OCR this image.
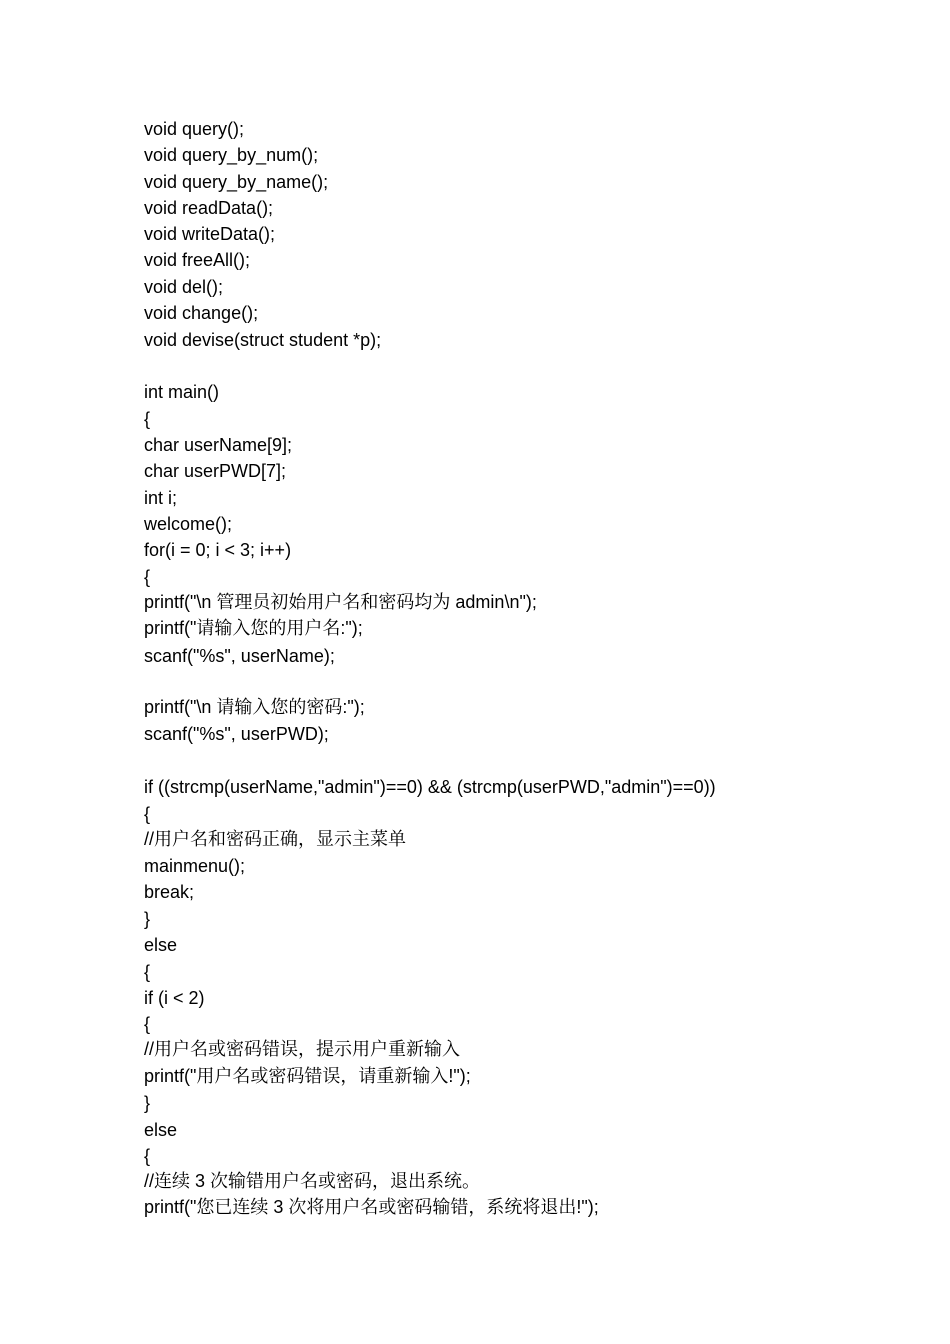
void query();
void query_by_num();
void query_by_name();
void readData();
void writeData();
void freeAll();
void del();
void change();
void devise(struct student *p);
int main()
{
char userName[9];
char userPWD[7];
int i;
welcome();
for(i = 0; i < 3; i++)
{
printf("\n 管理员初始用户名和密码均为 admin\n");
printf("请输入您的用户名:");
scanf("%s", userName);
printf("\n 请输入您的密码:");
scanf("%s", userPWD);
if ((strcmp(userName,"admin")==0) && (strcmp(userPWD,"admin")==0))
{
//用户名和密码正确，显示主菜单
mainmenu();
break;
}
else
{
if (i < 2)
{
//用户名或密码错误，提示用户重新输入
printf("用户名或密码错误，请重新输入!");
}
else
{
//连续 3 次输错用户名或密码，退出系统。
printf("您已连续 3 次将用户名或密码输错，系统将退出!");
